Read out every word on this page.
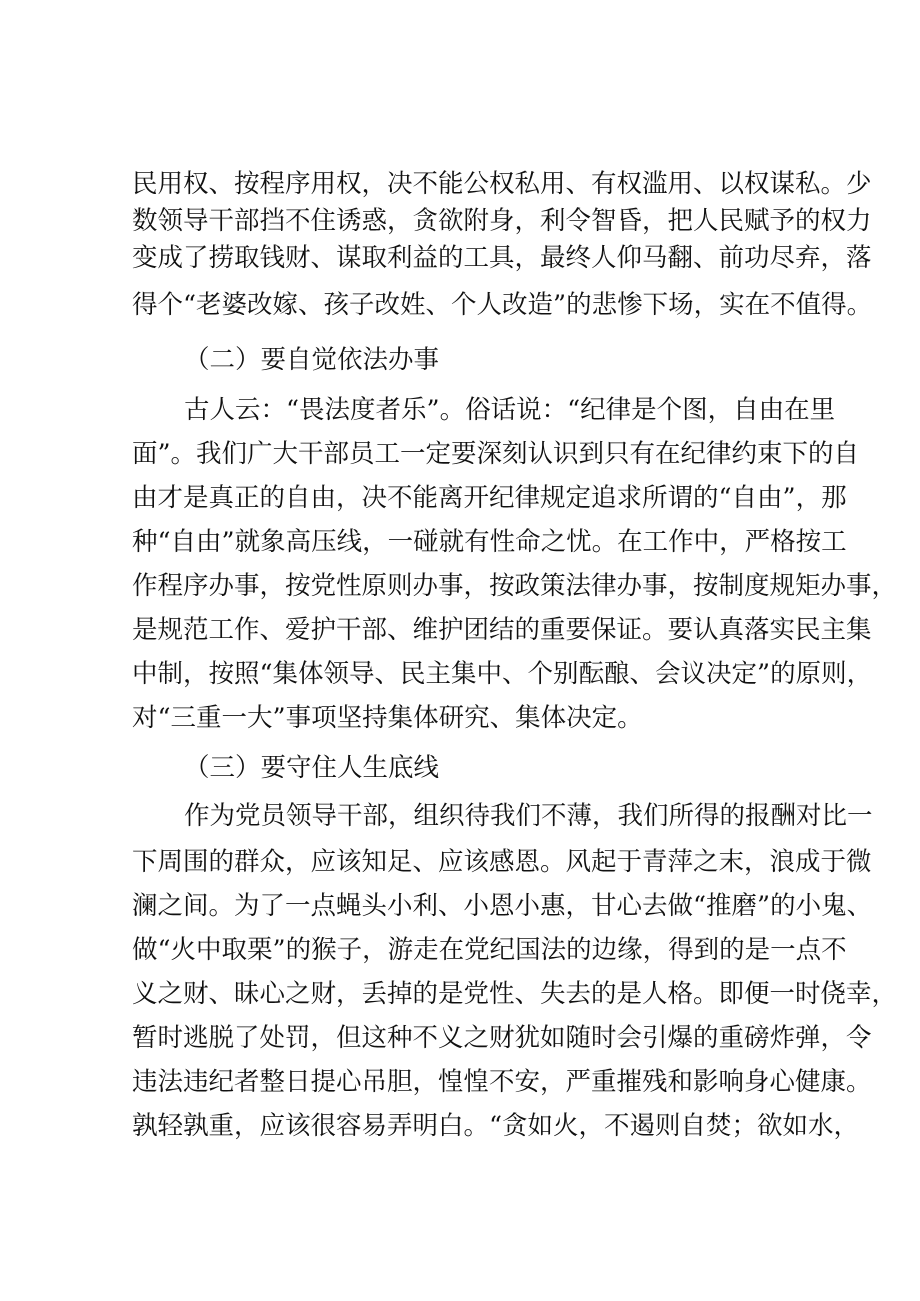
民用权、按程序用权，决不能公权私用、有权滥用、以权谋私。少
数领导干部挡不住诱惑，贪欲附身，利令智昏，把人民赋予的权力
变成了捞取钱财、谋取利益的工具，最终人仰马翻、前功尽弃，落
得个“老婆改嫁、孩子改姓、个人改造”的悲惨下场，实在不值得。
（二）要自觉依法办事
古人云：“畏法度者乐”。俗话说：“纪律是个图，自由在里
面”。我们广大干部员工一定要深刻认识到只有在纪律约束下的自
由才是真正的自由，决不能离开纪律规定追求所谓的“自由”，那
种“自由”就象高压线，一碰就有性命之忧。在工作中，严格按工
作程序办事，按党性原则办事，按政策法律办事，按制度规矩办事，
是规范工作、爱护干部、维护团结的重要保证。要认真落实民主集
中制，按照“集体领导、民主集中、个别酝酿、会议决定”的原则，
对“三重一大”事项坚持集体研究、集体决定。
（三）要守住人生底线
作为党员领导干部，组织待我们不薄，我们所得的报酬对比一
下周围的群众，应该知足、应该感恩。风起于青萍之末，浪成于微
澜之间。为了一点蝇头小利、小恩小惠，甘心去做“推磨”的小鬼、
做“火中取栗”的猴子，游走在党纪国法的边缘，得到的是一点不
义之财、昧心之财，丢掉的是党性、失去的是人格。即便一时侥幸，
暂时逃脱了处罚，但这种不义之财犹如随时会引爆的重磅炸弹，令
违法违纪者整日提心吊胆，惶惶不安，严重摧残和影响身心健康。
孰轻孰重，应该很容易弄明白。“贪如火，不遏则自焚；欲如水，
